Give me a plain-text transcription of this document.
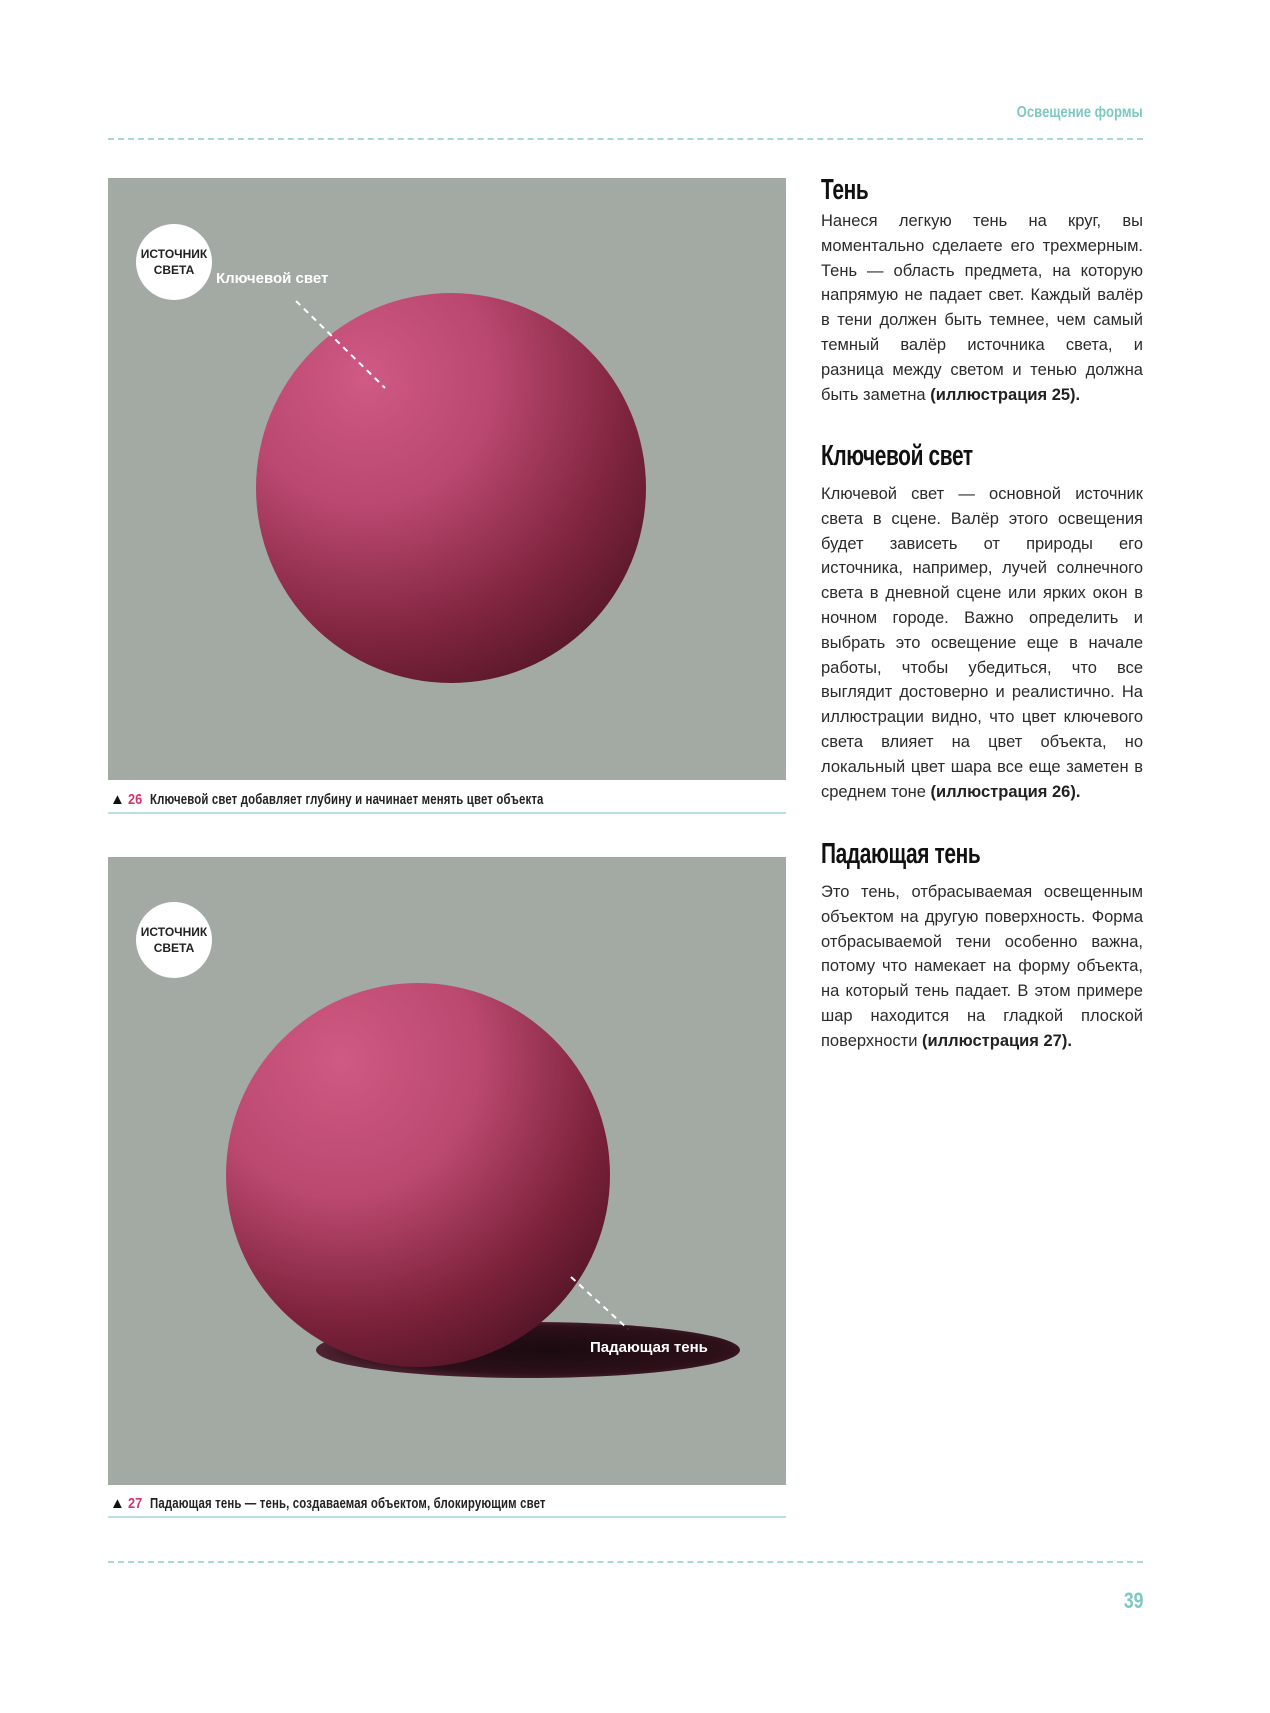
Освещение формы
ИСТОЧНИК
СВЕТА	Ключевой свет
▲ 26 Ключевой свет добавляет глубину и начинает менять цвет объекта
ИСТОЧНИК
СВЕТА
Падающая тень
▲ 27 Падающая тень — тень, создаваемая объектом, блокирующим свет
Тень

Нанеся легкую тень на круг, вы моментально сделаете его трехмерным. Тень — область предмета, на которую напрямую не падает свет. Каждый валёр в тени должен быть темнее, чем самый темный валёр источника света, и разница между светом и тенью должна быть заметна (иллюстрация 25).

Ключевой свет

Ключевой свет — основной источник света в сцене. Валёр этого освещения будет зависеть от природы его источника, например, лучей солнечного света в дневной сцене или ярких окон в ночном городе. Важно определить и выбрать это освещение еще в начале работы, чтобы убедиться, что все выглядит достоверно и реалистично. На иллюстрации видно, что цвет ключевого света влияет на цвет объекта, но локальный цвет шара все еще заметен в среднем тоне (иллюстрация 26).

Падающая тень

Это тень, отбрасываемая освещенным объектом на другую поверхность. Форма отбрасываемой тени особенно важна, потому что намекает на форму объекта, на который тень падает. В этом примере шар находится на гладкой плоской поверхности (иллюстрация 27).

39
